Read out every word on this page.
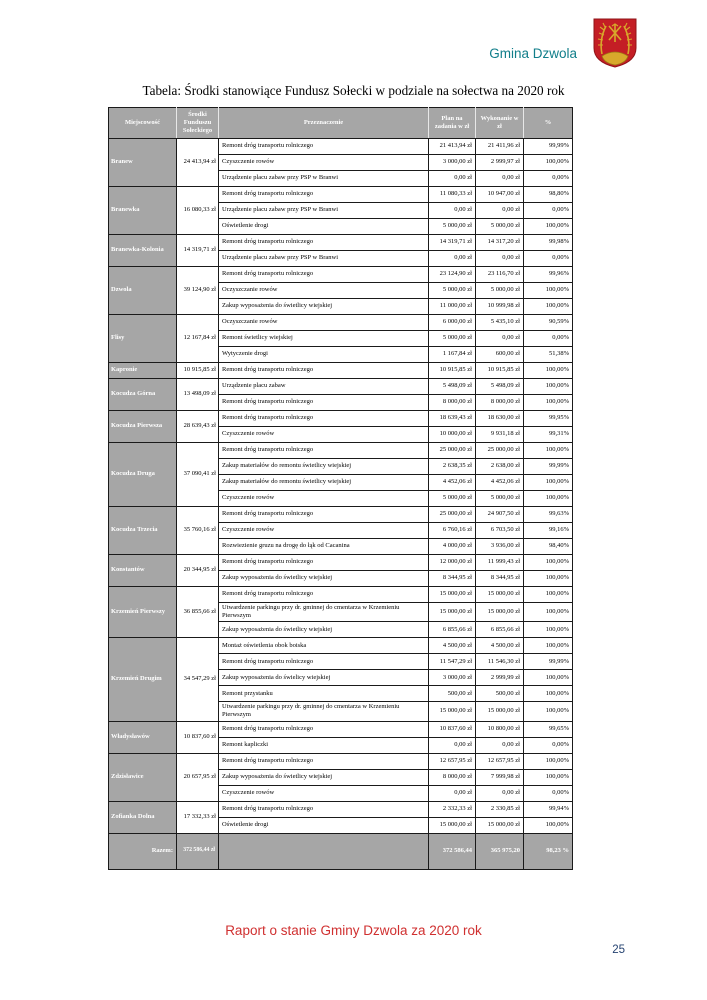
Gmina Dzwola
Tabela: Środki stanowiące Fundusz Sołecki w podziale na sołectwa na 2020 rok
Miejscowość	Środki Funduszu Sołeckiego	Przeznaczenie	Plan na zadania w zł	Wykonanie w zł	%
Branew	24 413,94 zł	Remont dróg transportu rolniczego	21 413,94 zł	21 411,96 zł	99,99%
		Czyszczenie rowów	3 000,00 zł	2 999,97 zł	100,00%
		Urządzenie placu zabaw przy PSP w Branwi	0,00 zł	0,00 zł	0,00%
Branewka	16 080,33 zł	Remont dróg transportu rolniczego	11 080,33 zł	10 947,00 zł	98,80%
		Urządzenie placu zabaw przy PSP w Branwi	0,00 zł	0,00 zł	0,00%
		Oświetlenie drogi	5 000,00 zł	5 000,00 zł	100,00%
Branewka-Kolonia	14 319,71 zł	Remont dróg transportu rolniczego	14 319,71 zł	14 317,20 zł	99,98%
		Urządzenie placu zabaw przy PSP w Branwi	0,00 zł	0,00 zł	0,00%
Dzwola	39 124,90 zł	Remont dróg transportu rolniczego	23 124,90 zł	23 116,70 zł	99,96%
		Oczyszczanie rowów	5 000,00 zł	5 000,00 zł	100,00%
		Zakup wyposażenia do świetlicy wiejskiej	11 000,00 zł	10 999,98 zł	100,00%
Flisy	12 167,84 zł	Oczyszczanie rowów	6 000,00 zł	5 435,10 zł	90,59%
		Remont świetlicy wiejskiej	5 000,00 zł	0,00 zł	0,00%
		Wytyczenie drogi	1 167,84 zł	600,00 zł	51,38%
Kapronie	10 915,85 zł	Remont dróg transportu rolniczego	10 915,85 zł	10 915,85 zł	100,00%
Kocudza Górna	13 498,09 zł	Urządzenie placu zabaw	5 498,09 zł	5 498,09 zł	100,00%
		Remont dróg transportu rolniczego	8 000,00 zł	8 000,00 zł	100,00%
Kocudza Pierwsza	28 639,43 zł	Remont dróg transportu rolniczego	18 639,43 zł	18 630,00 zł	99,95%
		Czyszczenie rowów	10 000,00 zł	9 931,18 zł	99,31%
Kocudza Druga	37 090,41 zł	Remont dróg transportu rolniczego	25 000,00 zł	25 000,00 zł	100,00%
		Zakup materiałów do remontu świetlicy wiejskiej	2 638,35 zł	2 638,00 zł	99,99%
		Zakup materiałów do remontu świetlicy wiejskiej	4 452,06 zł	4 452,06 zł	100,00%
		Czyszczenie rowów	5 000,00 zł	5 000,00 zł	100,00%
Kocudza Trzecia	35 760,16 zł	Remont dróg transportu rolniczego	25 000,00 zł	24 907,50 zł	99,63%
		Czyszczenie rowów	6 760,16 zł	6 703,50 zł	99,16%
		Rozwiezienie gruzu na drogę do łąk od Cacanina	4 000,00 zł	3 936,00 zł	98,40%
Konstantów	20 344,95 zł	Remont dróg transportu rolniczego	12 000,00 zł	11 999,43 zł	100,00%
		Zakup wyposażenia do świetlicy wiejskiej	8 344,95 zł	8 344,95 zł	100,00%
Krzemień Pierwszy	36 855,66 zł	Remont dróg transportu rolniczego	15 000,00 zł	15 000,00 zł	100,00%
		Utwardzenie parkingu przy dr. gminnej do cmentarza w Krzemieniu Pierwszym	15 000,00 zł	15 000,00 zł	100,00%
		Zakup wyposażenia do świetlicy wiejskiej	6 855,66 zł	6 855,66 zł	100,00%
Krzemień Drugim	34 547,29 zł	Montaż oświetlenia obok boiska	4 500,00 zł	4 500,00 zł	100,00%
		Remont dróg transportu rolniczego	11 547,29 zł	11 546,30 zł	99,99%
		Zakup wyposażenia do świelicy wiejskiej	3 000,00 zł	2 999,99 zł	100,00%
		Remont przystanku	500,00 zł	500,00 zł	100,00%
		Utwardzenie parkingu przy dr. gminnej do cmentarza w Krzemieniu Pierwszym	15 000,00 zł	15 000,00 zł	100,00%
Władysławów	10 837,60 zł	Remont dróg transportu rolniczego	10 837,60 zł	10 800,00 zł	99,65%
		Remont kapliczki	0,00 zł	0,00 zł	0,00%
Zdzisławice	20 657,95 zł	Remont dróg transportu rolniczego	12 657,95 zł	12 657,95 zł	100,00%
		Zakup wyposażenia do świetlicy wiejskiej	8 000,00 zł	7 999,98 zł	100,00%
		Czyszczenie rowów	0,00 zł	0,00 zł	0,00%
Zofianka Dolna	17 332,33 zł	Remont dróg transportu rolniczego	2 332,33 zł	2 330,85 zł	99,94%
		Oświetlenie drogi	15 000,00 zł	15 000,00 zł	100,00%
Razem:	372 586,44 zł		372 586,44	365 975,20	98,23 %
Raport o stanie Gminy Dzwola za 2020 rok
25
